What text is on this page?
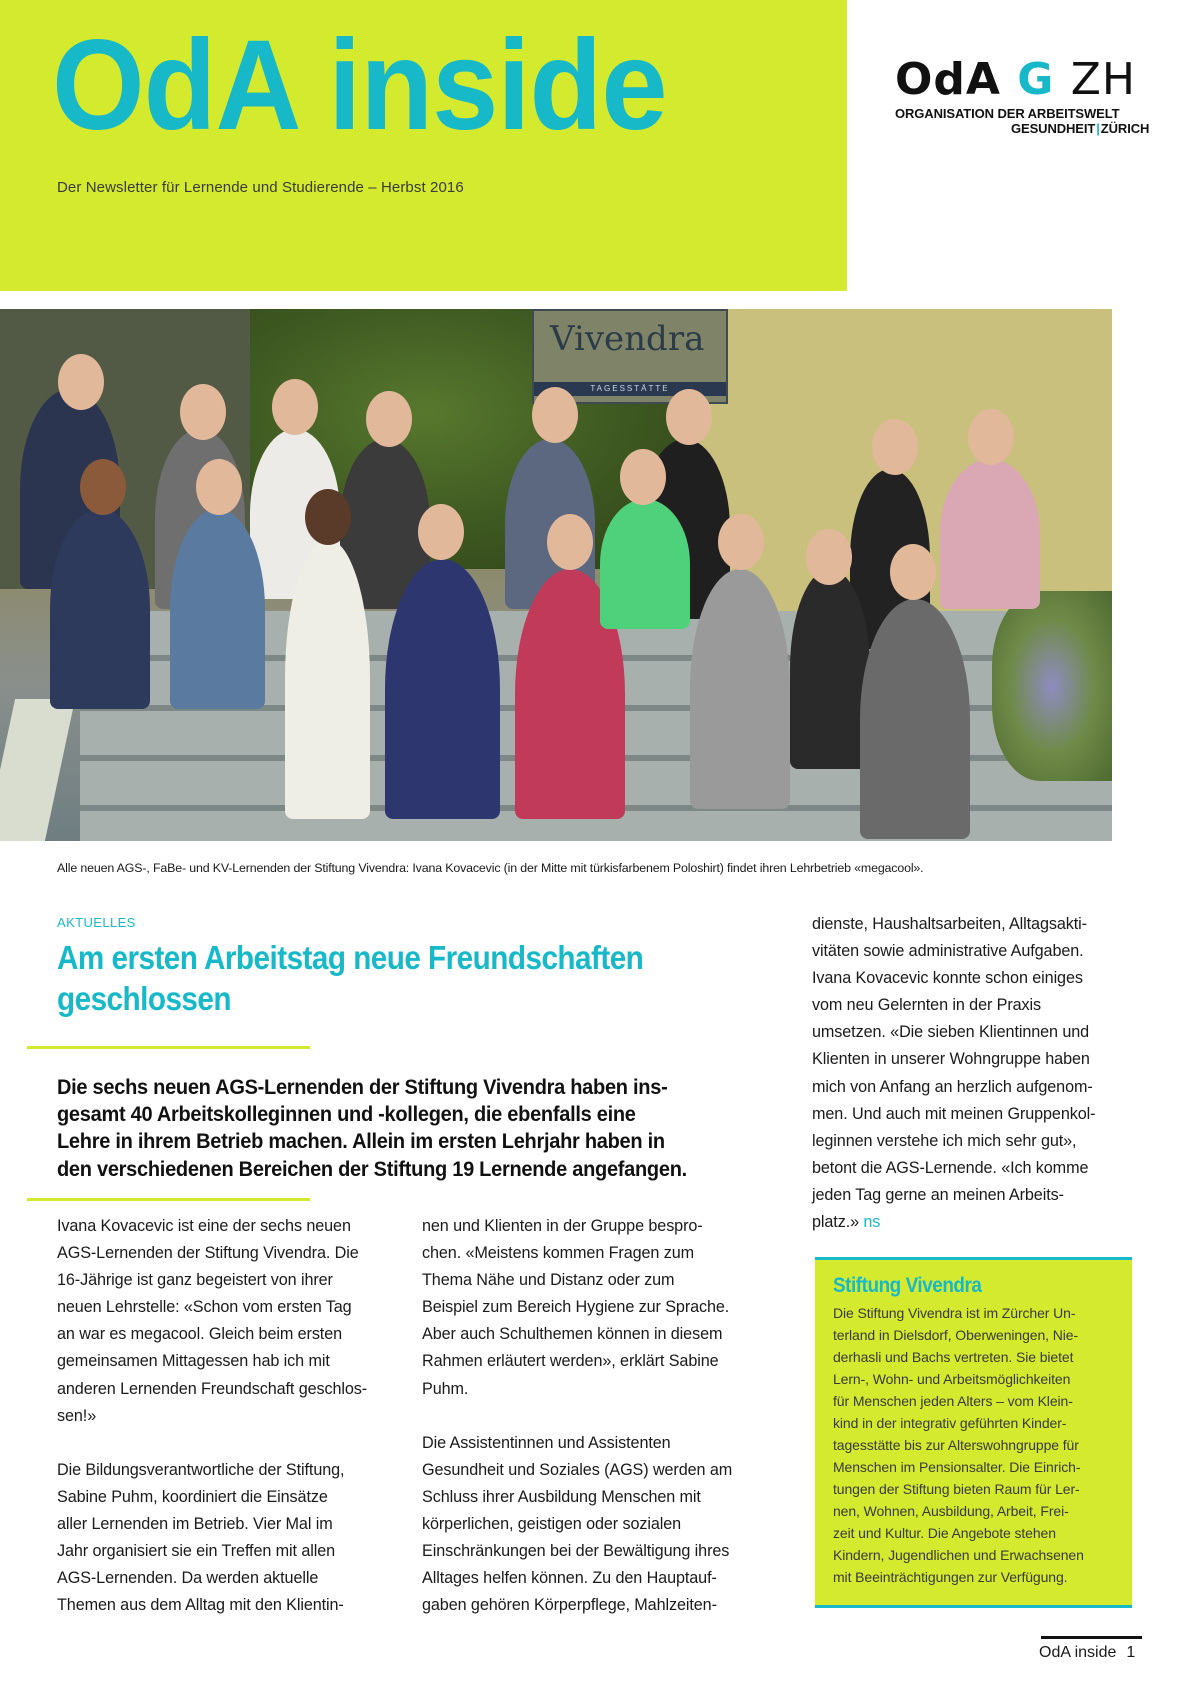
OdA inside
Der Newsletter für Lernende und Studierende – Herbst 2016
OdA G ZH
ORGANISATION DER ARBEITSWELT
GESUNDHEIT|ZÜRICH
Vivendra
TAGESSTÄTTE
Alle neuen AGS-, FaBe- und KV-Lernenden der Stiftung Vivendra: Ivana Kovacevic (in der Mitte mit türkisfarbenem Poloshirt) findet ihren Lehrbetrieb «megacool».
AKTUELLES
Am ersten Arbeitstag neue Freundschaften
geschlossen

Die sechs neuen AGS-Lernenden der Stiftung Vivendra haben ins-

gesamt 40 Arbeitskolleginnen und -kollegen, die ebenfalls eine

Lehre in ihrem Betrieb machen. Allein im ersten Lehrjahr haben in

den verschiedenen Bereichen der Stiftung 19 Lernende angefangen.

Ivana Kovacevic ist eine der sechs neuen

AGS-Lernenden der Stiftung Vivendra. Die

16-Jährige ist ganz begeistert von ihrer

neuen Lehrstelle: «Schon vom ersten Tag

an war es megacool. Gleich beim ersten

gemeinsamen Mittagessen hab ich mit

anderen Lernenden Freundschaft geschlos-

sen!»

Die Bildungsverantwortliche der Stiftung,

Sabine Puhm, koordiniert die Einsätze

aller Lernenden im Betrieb. Vier Mal im

Jahr organisiert sie ein Treffen mit allen

AGS-Lernenden. Da werden aktuelle

Themen aus dem Alltag mit den Klientin-

nen und Klienten in der Gruppe bespro-

chen. «Meistens kommen Fragen zum

Thema Nähe und Distanz oder zum

Beispiel zum Bereich Hygiene zur Sprache.

Aber auch Schulthemen können in diesem

Rahmen erläutert werden», erklärt Sabine

Puhm.

Die Assistentinnen und Assistenten

Gesundheit und Soziales (AGS) werden am

Schluss ihrer Ausbildung Menschen mit

körperlichen, geistigen oder sozialen

Einschränkungen bei der Bewältigung ihres

Alltages helfen können. Zu den Hauptauf-

gaben gehören Körperpflege, Mahlzeiten-

dienste, Haushaltsarbeiten, Alltagsakti-

vitäten sowie administrative Aufgaben.

Ivana Kovacevic konnte schon einiges

vom neu Gelernten in der Praxis

umsetzen. «Die sieben Klientinnen und

Klienten in unserer Wohngruppe haben

mich von Anfang an herzlich aufgenom-

men. Und auch mit meinen Gruppenkol-

leginnen verstehe ich mich sehr gut»,

betont die AGS-Lernende. «Ich komme

jeden Tag gerne an meinen Arbeits-

platz.» ns

Stiftung Vivendra

Die Stiftung Vivendra ist im Zürcher Un-

terland in Dielsdorf, Oberweningen, Nie-

derhasli und Bachs vertreten. Sie bietet

Lern-, Wohn- und Arbeitsmöglichkeiten

für Menschen jeden Alters – vom Klein-

kind in der integrativ geführten Kinder-

tagesstätte bis zur Alterswohngruppe für

Menschen im Pensionsalter. Die Einrich-

tungen der Stiftung bieten Raum für Ler-

nen, Wohnen, Ausbildung, Arbeit, Frei-

zeit und Kultur. Die Angebote stehen

Kindern, Jugendlichen und Erwachsenen

mit Beeinträchtigungen zur Verfügung.

OdA inside 1
